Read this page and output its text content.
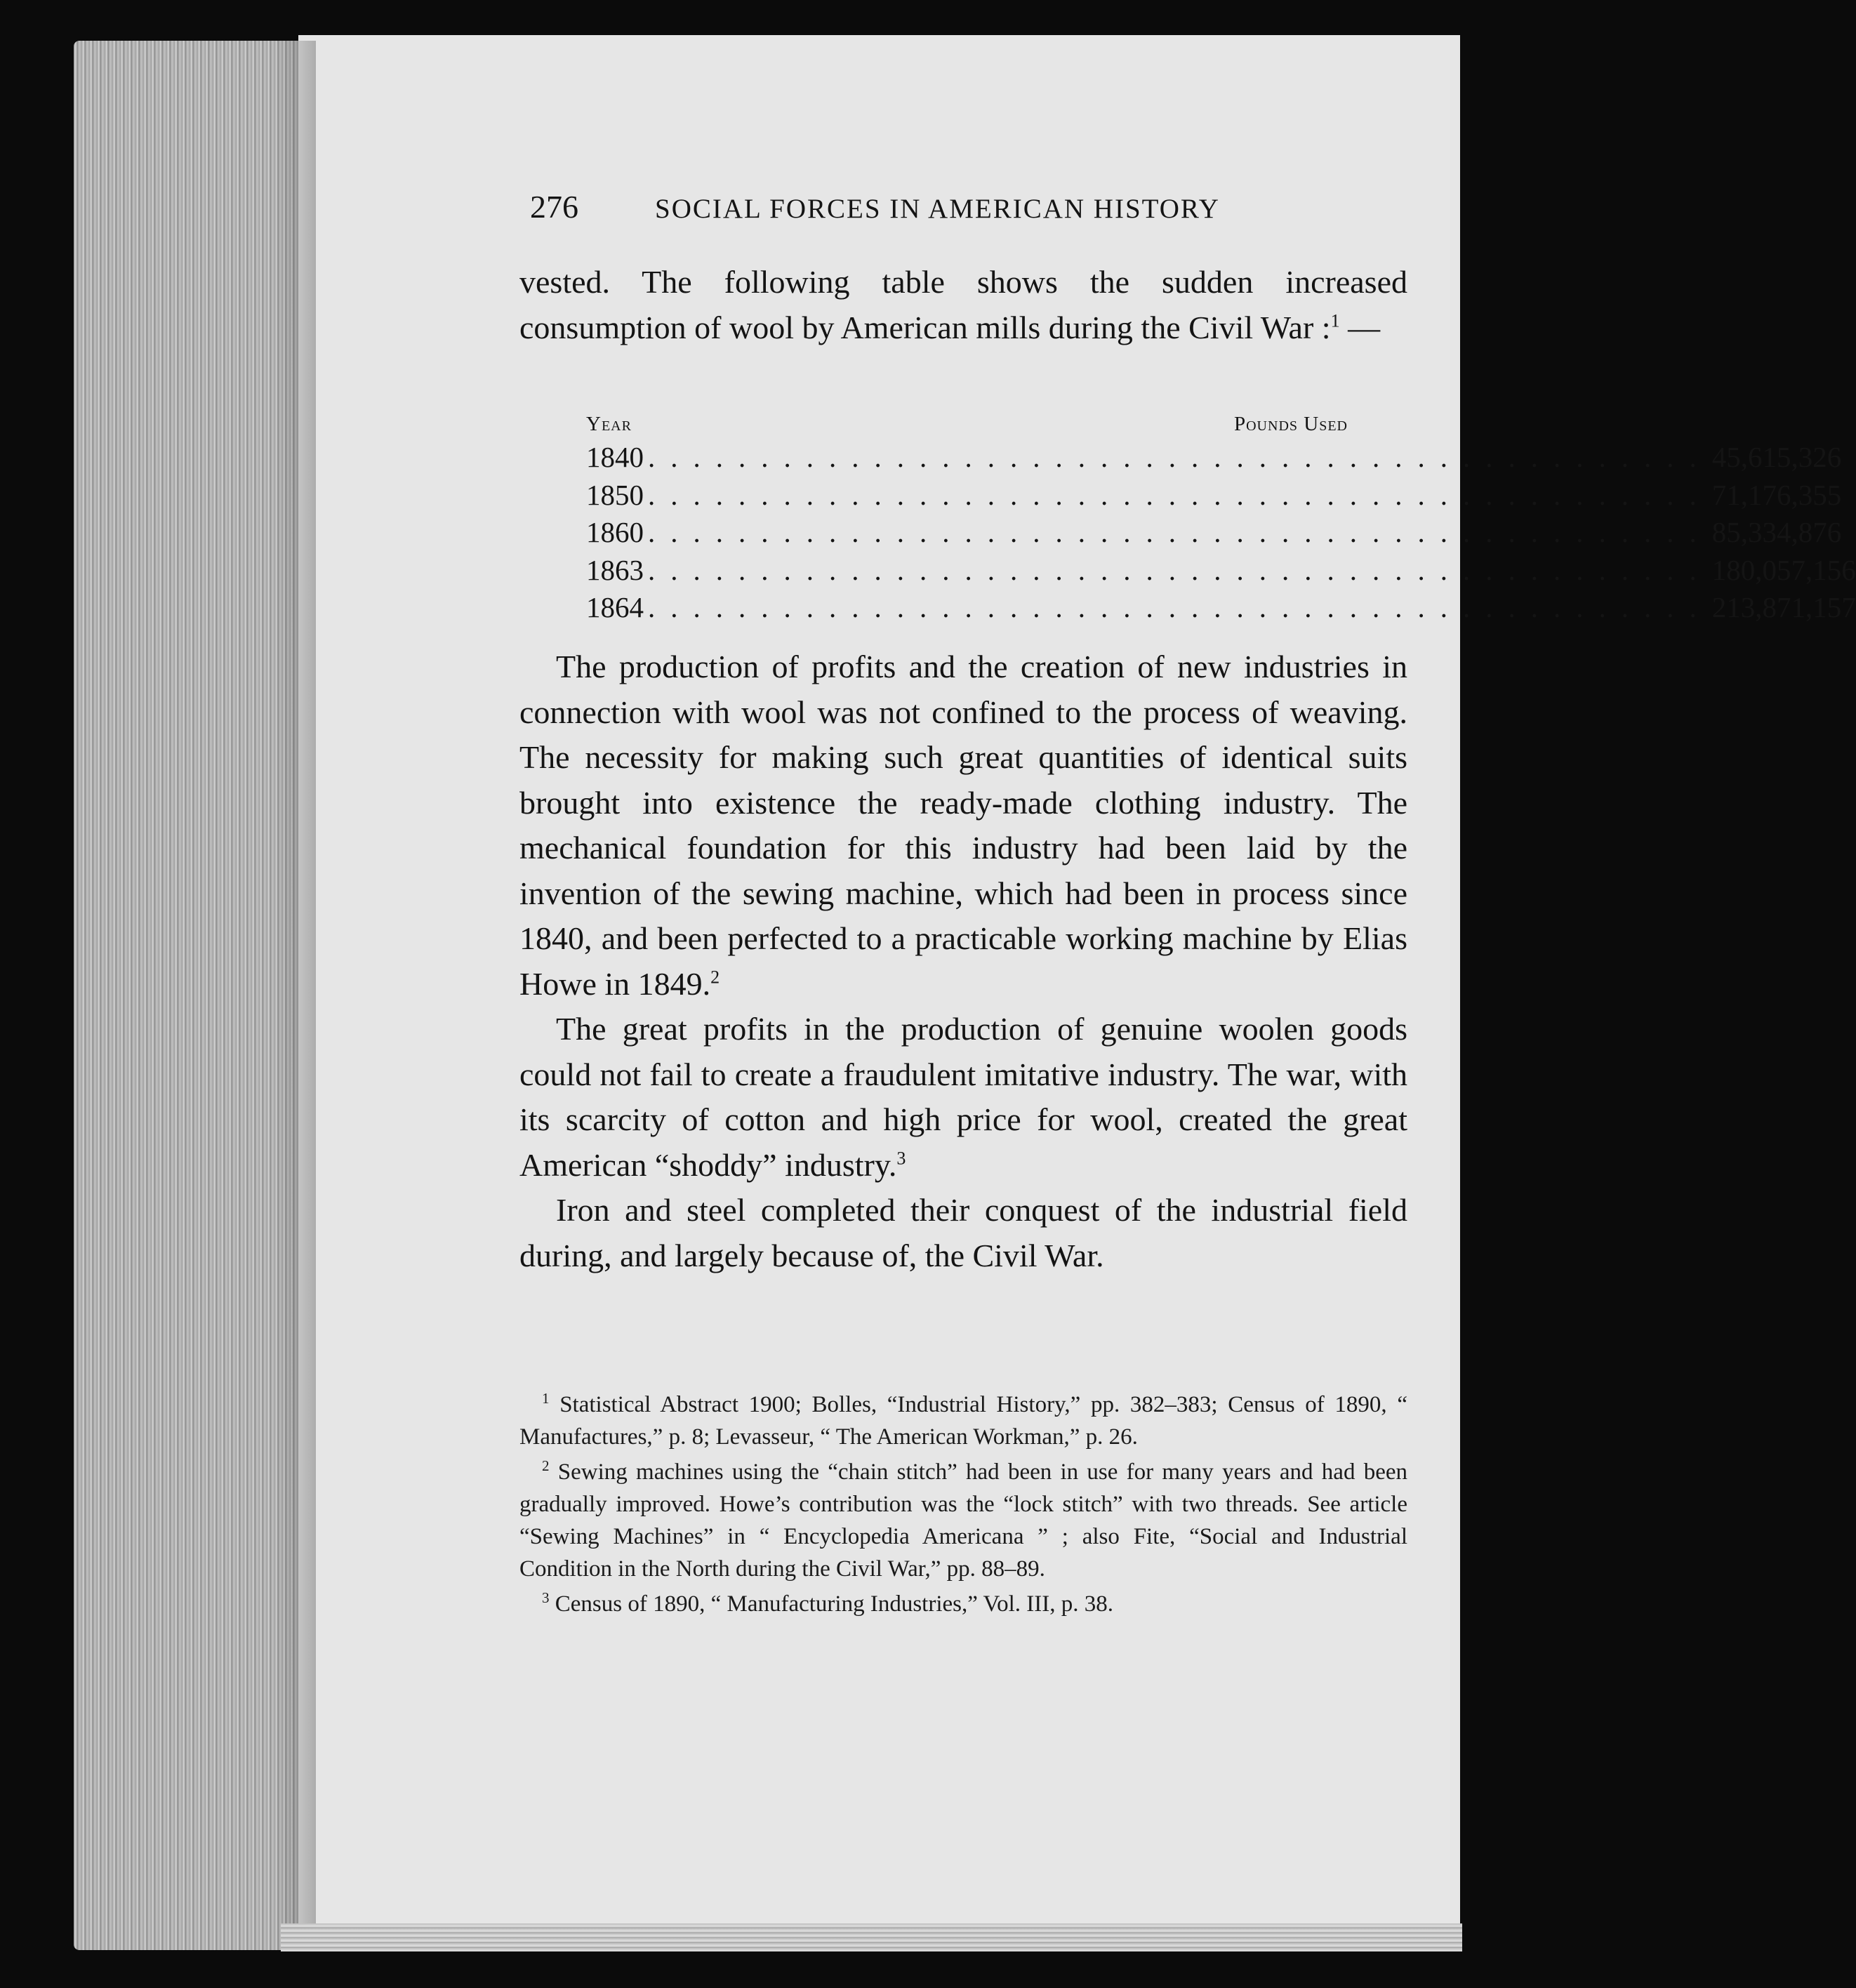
276	SOCIAL FORCES IN AMERICAN HISTORY

vested. The following table shows the sudden increased consumption of wool by American mills during the Civil War :$^1$ —

Year	Pounds Used
1840 ............................................... 45,615,326
1850 ............................................... 71,176,355
1860 ............................................... 85,334,876
1863 ............................................... 180,057,156
1864 ............................................... 213,871,157

The production of profits and the creation of new industries in connection with wool was not confined to the process of weaving. The necessity for making such great quantities of identical suits brought into existence the ready-made clothing industry. The mechanical foundation for this industry had been laid by the invention of the sewing machine, which had been in process since 1840, and been perfected to a practicable working machine by Elias Howe in 1849.$^2$

The great profits in the production of genuine woolen goods could not fail to create a fraudulent imitative industry. The war, with its scarcity of cotton and high price for wool, created the great American “shoddy” industry.$^3$

Iron and steel completed their conquest of the industrial field during, and largely because of, the Civil War.

$^1$ Statistical Abstract 1900; Bolles, “Industrial History,” pp. 382–383; Census of 1890, “ Manufactures,” p. 8; Levasseur, “ The American Workman,” p. 26.

$^2$ Sewing machines using the “chain stitch” had been in use for many years and had been gradually improved. Howe’s contribution was the “lock stitch” with two threads. See article “Sewing Machines” in “ Encyclopedia Americana ” ; also Fite, “Social and Industrial Condition in the North during the Civil War,” pp. 88–89.

$^3$ Census of 1890, “ Manufacturing Industries,” Vol. III, p. 38.
